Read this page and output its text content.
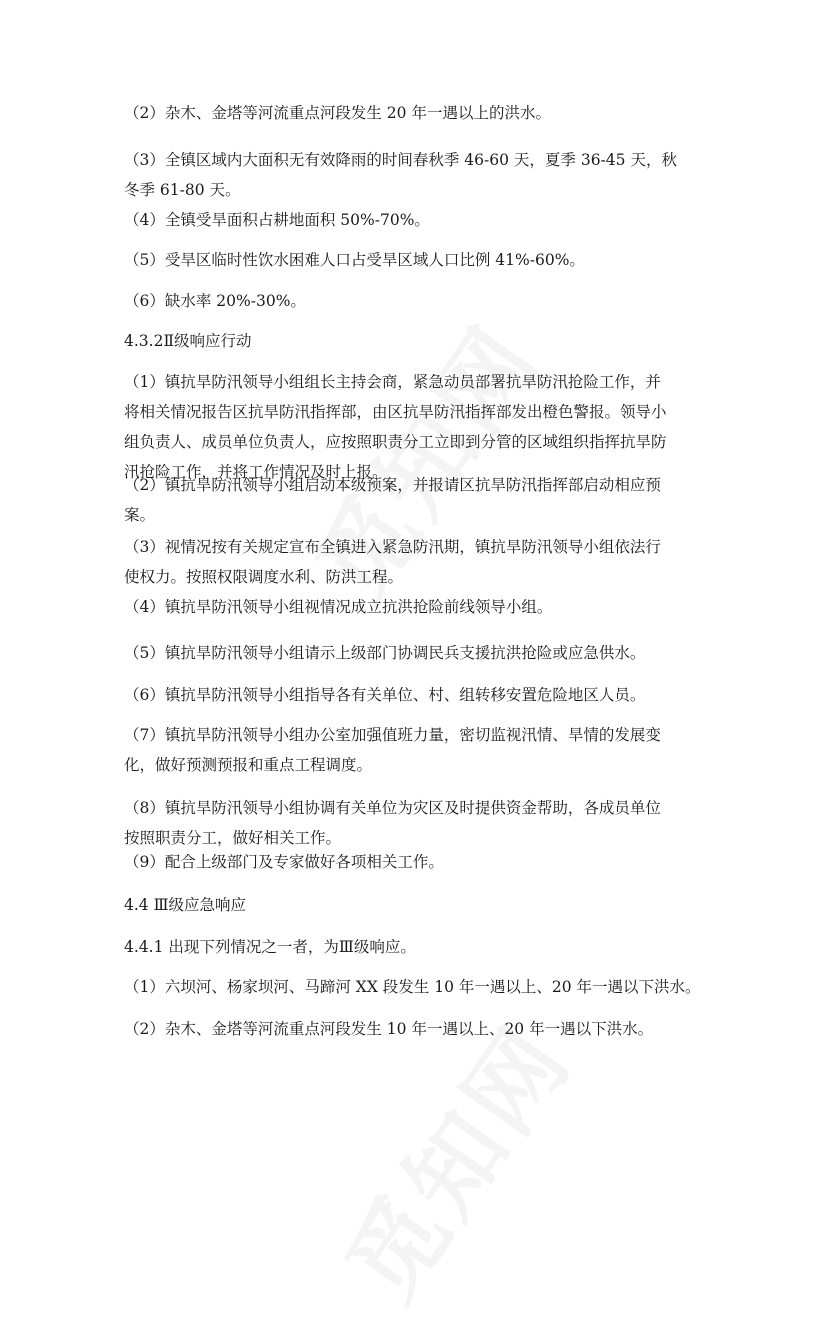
（2）杂木、金塔等河流重点河段发生 20 年一遇以上的洪水。
（3）全镇区域内大面积无有效降雨的时间春秋季 46-60 天，夏季 36-45 天，秋
冬季 61-80 天。
（4）全镇受旱面积占耕地面积 50%-70%。
（5）受旱区临时性饮水困难人口占受旱区域人口比例 41%-60%。
（6）缺水率 20%-30%。
4.3.2Ⅱ级响应行动
（1）镇抗旱防汛领导小组组长主持会商，紧急动员部署抗旱防汛抢险工作，并
将相关情况报告区抗旱防汛指挥部，由区抗旱防汛指挥部发出橙色警报。领导小
组负责人、成员单位负责人，应按照职责分工立即到分管的区域组织指挥抗旱防
汛抢险工作，并将工作情况及时上报。
（2）镇抗旱防汛领导小组启动本级预案，并报请区抗旱防汛指挥部启动相应预
案。
（3）视情况按有关规定宣布全镇进入紧急防汛期，镇抗旱防汛领导小组依法行
使权力。按照权限调度水利、防洪工程。
（4）镇抗旱防汛领导小组视情况成立抗洪抢险前线领导小组。
（5）镇抗旱防汛领导小组请示上级部门协调民兵支援抗洪抢险或应急供水。
（6）镇抗旱防汛领导小组指导各有关单位、村、组转移安置危险地区人员。
（7）镇抗旱防汛领导小组办公室加强值班力量，密切监视汛情、旱情的发展变
化，做好预测预报和重点工程调度。
（8）镇抗旱防汛领导小组协调有关单位为灾区及时提供资金帮助，各成员单位
按照职责分工，做好相关工作。
（9）配合上级部门及专家做好各项相关工作。
4.4 Ⅲ级应急响应
4.4.1 出现下列情况之一者，为Ⅲ级响应。
（1）六坝河、杨家坝河、马蹄河 XX 段发生 10 年一遇以上、20 年一遇以下洪水。
（2）杂木、金塔等河流重点河段发生 10 年一遇以上、20 年一遇以下洪水。
